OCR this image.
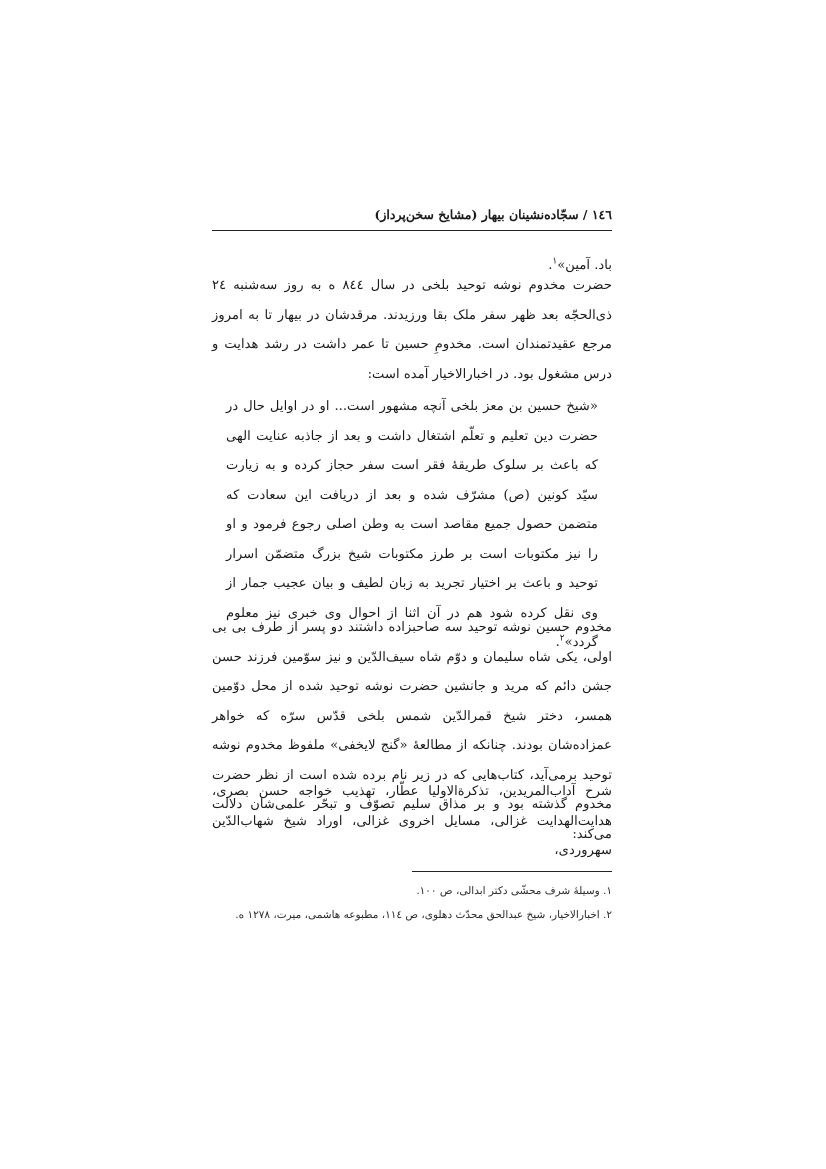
١٤٦ / سجّاده‌نشینان بیهار (مشایخ سخن‌پرداز)

باد. آمین»$^١$.

حضرت مخدوم نوشه توحید بلخی در سال ٨٤٤ ه به روز سه‌شنبه ٢٤ ذی‌الحجّه بعد ظهر سفر ملک بقا ورزیدند. مرقدشان در بیهار تا به امروز مرجع عقیدتمندان است. مخدومِ حسین تا عمر داشت در رشد هدایت و درس مشغول بود. در اخبارالاخیار آمده است:

«شیخ حسین بن معز بلخی آنچه مشهور است... او در اوایل حال در حضرت دین تعلیم و تعلّم اشتغال داشت و بعد از جاذبه عنایت الهی که باعث بر سلوک طریقهٔ فقر است سفر حجاز کرده و به زیارت سیّد کونین (ص) مشرّف شده و بعد از دریافت این سعادت که متضمن حصول جمیع مقاصد است به وطن اصلی رجوع فرمود و او را نیز مکتوبات است بر طرز مکتوبات شیخ بزرگ متضمّن اسرار توحید و باعث بر اختیار تجرید به زبان لطیف و بیان عجیب جمار از وی نقل کرده شود هم در آن اثنا از احوال وی خبری نیز معلوم گردد»$^٢$.

مخدوم حسین نوشه توحید سه صاحبزاده داشتند دو پسر از طرف بی بی اولی، یکی شاه سلیمان و دوّم شاه سیف‌الدّین و نیز سوّمین فرزند حسن جشن دائم که مرید و جانشین حضرت نوشه توحید شده از محل دوّمین همسر، دختر شیخ قمرالدّین شمس بلخی قدّس سرّه که خواهر عمزاده‌شان بودند. چنانکه از مطالعهٔ «گنج لایخفی» ملفوظ مخدوم نوشه توحید برمی‌آید، کتاب‌هایی که در زیر نام برده شده است از نظر حضرت مخدوم گذشته بود و بر مذاق سلیم تصوّف و تبحّر علمی‌شان دلالت می‌کند:

شرح آداب‌المریدین، تذکرةالاولیا عطّار، تهذیب خواجه حسن بصری، هدایت‌الهدایت غزالی، مسایل اخروی غزالی، اوراد شیخ شهاب‌الدّین سهروردی،

١. وسیلهٔ شرف محشّی دکتر ابدالی، ص ١٠٠.

٢. اخبارالاخیار، شیخ عبدالحق محدّث دهلوی، ص ١١٤، مطبوعه هاشمی، میرت، ١٢٧٨ ه.
